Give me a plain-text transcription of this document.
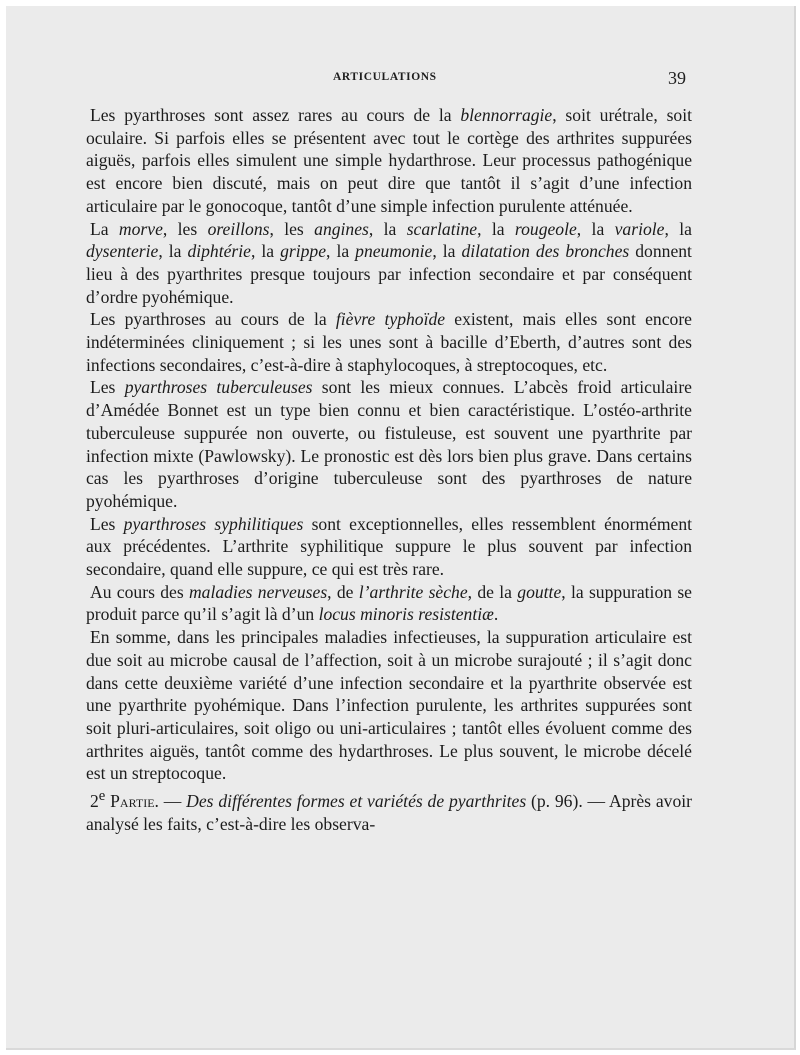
ARTICULATIONS	39

Les pyarthroses sont assez rares au cours de la blennorragie, soit urétrale, soit oculaire. Si parfois elles se présentent avec tout le cortège des arthrites suppurées aiguës, parfois elles simulent une simple hydarthrose. Leur processus pathogénique est encore bien discuté, mais on peut dire que tantôt il s’agit d’une infection articulaire par le gonocoque, tantôt d’une simple infection purulente atténuée.

La morve, les oreillons, les angines, la scarlatine, la rougeole, la variole, la dysenterie, la diphtérie, la grippe, la pneumonie, la dilatation des bronches donnent lieu à des pyarthrites presque toujours par infection secondaire et par conséquent d’ordre pyohémique.

Les pyarthroses au cours de la fièvre typhoïde existent, mais elles sont encore indéterminées cliniquement ; si les unes sont à bacille d’Eberth, d’autres sont des infections secondaires, c’est-à-dire à staphylocoques, à streptocoques, etc.

Les pyarthroses tuberculeuses sont les mieux connues. L’abcès froid articulaire d’Amédée Bonnet est un type bien connu et bien caractéristique. L’ostéo-arthrite tuberculeuse suppurée non ouverte, ou fistuleuse, est souvent une pyarthrite par infection mixte (Pawlowsky). Le pronostic est dès lors bien plus grave. Dans certains cas les pyarthroses d’origine tuberculeuse sont des pyarthroses de nature pyohémique.

Les pyarthroses syphilitiques sont exceptionnelles, elles ressemblent énormément aux précédentes. L’arthrite syphilitique suppure le plus souvent par infection secondaire, quand elle suppure, ce qui est très rare.

Au cours des maladies nerveuses, de l’arthrite sèche, de la goutte, la suppuration se produit parce qu’il s’agit là d’un locus minoris resistentiæ.

En somme, dans les principales maladies infectieuses, la suppuration articulaire est due soit au microbe causal de l’affection, soit à un microbe surajouté ; il s’agit donc dans cette deuxième variété d’une infection secondaire et la pyarthrite observée est une pyarthrite pyohémique. Dans l’infection purulente, les arthrites suppurées sont soit pluri-articulaires, soit oligo ou uni-articulaires ; tantôt elles évoluent comme des arthrites aiguës, tantôt comme des hydarthroses. Le plus souvent, le microbe décelé est un streptocoque.

2e Partie. — Des différentes formes et variétés de pyarthrites (p. 96). — Après avoir analysé les faits, c’est-à-dire les observa-
